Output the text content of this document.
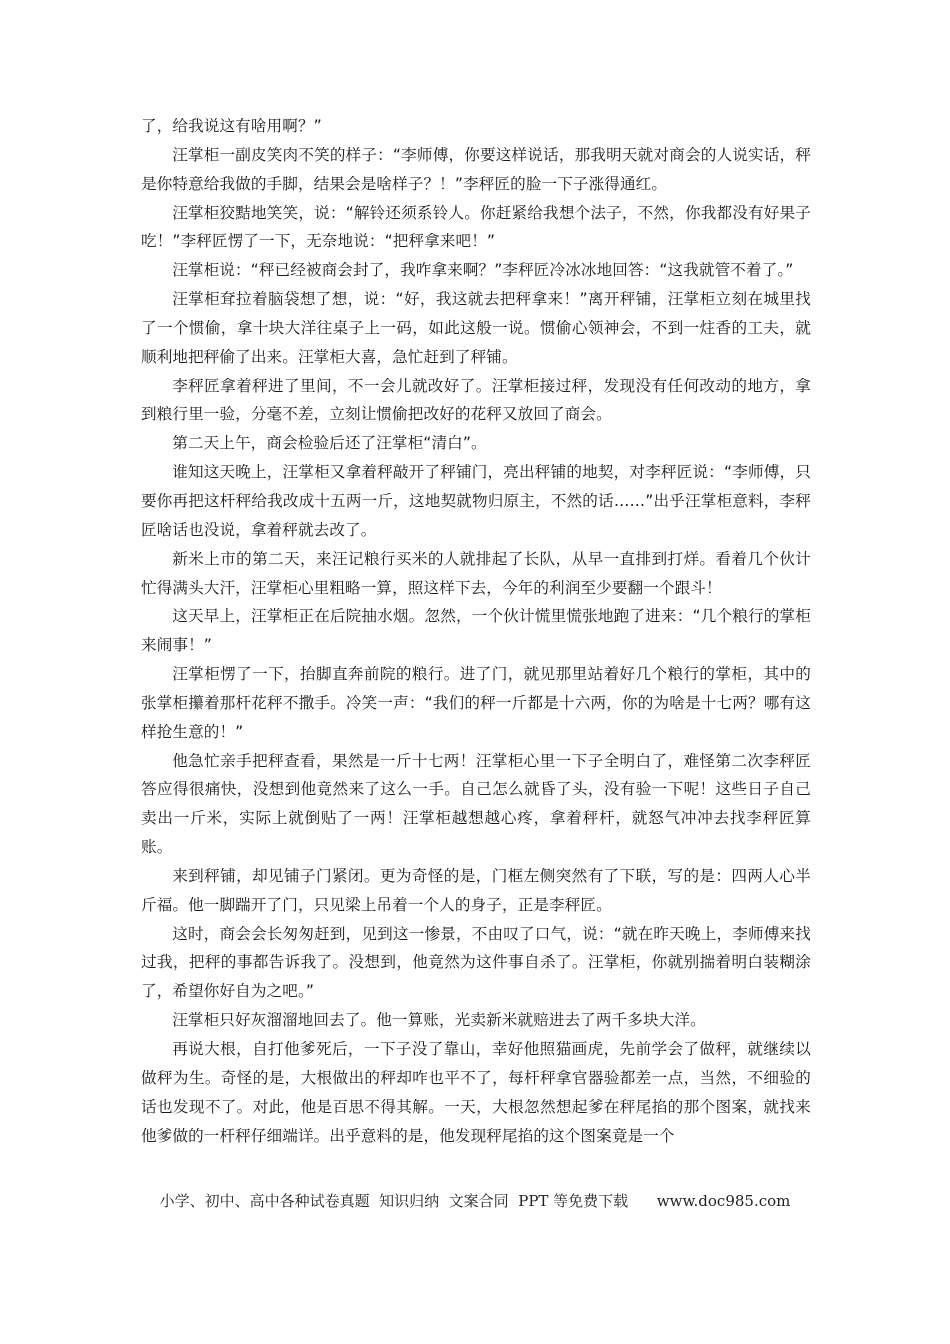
了，给我说这有啥用啊？”

汪掌柜一副皮笑肉不笑的样子：“李师傅，你要这样说话，那我明天就对商会的人说实话，秤是你特意给我做的手脚，结果会是啥样子？！”李秤匠的脸一下子涨得通红。

汪掌柜狡黠地笑笑，说：“解铃还须系铃人。你赶紧给我想个法子，不然，你我都没有好果子吃！”李秤匠愣了一下，无奈地说：“把秤拿来吧！”

汪掌柜说：“秤已经被商会封了，我咋拿来啊？”李秤匠冷冰冰地回答：“这我就管不着了。”

汪掌柜耷拉着脑袋想了想，说：“好，我这就去把秤拿来！”离开秤铺，汪掌柜立刻在城里找了一个惯偷，拿十块大洋往桌子上一码，如此这般一说。惯偷心领神会，不到一炷香的工夫，就顺利地把秤偷了出来。汪掌柜大喜，急忙赶到了秤铺。

李秤匠拿着秤进了里间，不一会儿就改好了。汪掌柜接过秤，发现没有任何改动的地方，拿到粮行里一验，分毫不差，立刻让惯偷把改好的花秤又放回了商会。

第二天上午，商会检验后还了汪掌柜“清白”。

谁知这天晚上，汪掌柜又拿着秤敲开了秤铺门，亮出秤铺的地契，对李秤匠说：“李师傅，只要你再把这杆秤给我改成十五两一斤，这地契就物归原主，不然的话……”出乎汪掌柜意料，李秤匠啥话也没说，拿着秤就去改了。

新米上市的第二天，来汪记粮行买米的人就排起了长队，从早一直排到打烊。看着几个伙计忙得满头大汗，汪掌柜心里粗略一算，照这样下去，今年的利润至少要翻一个跟斗！

这天早上，汪掌柜正在后院抽水烟。忽然，一个伙计慌里慌张地跑了进来：“几个粮行的掌柜来闹事！”

汪掌柜愣了一下，抬脚直奔前院的粮行。进了门，就见那里站着好几个粮行的掌柜，其中的张掌柜攥着那杆花秤不撒手。冷笑一声：“我们的秤一斤都是十六两，你的为啥是十七两？哪有这样抢生意的！”

他急忙亲手把秤查看，果然是一斤十七两！汪掌柜心里一下子全明白了，难怪第二次李秤匠答应得很痛快，没想到他竟然来了这么一手。自己怎么就昏了头，没有验一下呢！这些日子自己卖出一斤米，实际上就倒贴了一两！汪掌柜越想越心疼，拿着秤杆，就怒气冲冲去找李秤匠算账。

来到秤铺，却见铺子门紧闭。更为奇怪的是，门框左侧突然有了下联，写的是：四两人心半斤福。他一脚踹开了门，只见梁上吊着一个人的身子，正是李秤匠。

这时，商会会长匆匆赶到，见到这一惨景，不由叹了口气，说：“就在昨天晚上，李师傅来找过我，把秤的事都告诉我了。没想到，他竟然为这件事自杀了。汪掌柜，你就别揣着明白装糊涂了，希望你好自为之吧。”

汪掌柜只好灰溜溜地回去了。他一算账，光卖新米就赔进去了两千多块大洋。

再说大根，自打他爹死后，一下子没了靠山，幸好他照猫画虎，先前学会了做秤，就继续以做秤为生。奇怪的是，大根做出的秤却咋也平不了，每杆秤拿官器验都差一点，当然，不细验的话也发现不了。对此，他是百思不得其解。一天，大根忽然想起爹在秤尾掐的那个图案，就找来他爹做的一杆秤仔细端详。出乎意料的是，他发现秤尾掐的这个图案竟是一个

小学、初中、高中各种试卷真题  知识归纳  文案合同  PPT 等免费下载      www.doc985.com
